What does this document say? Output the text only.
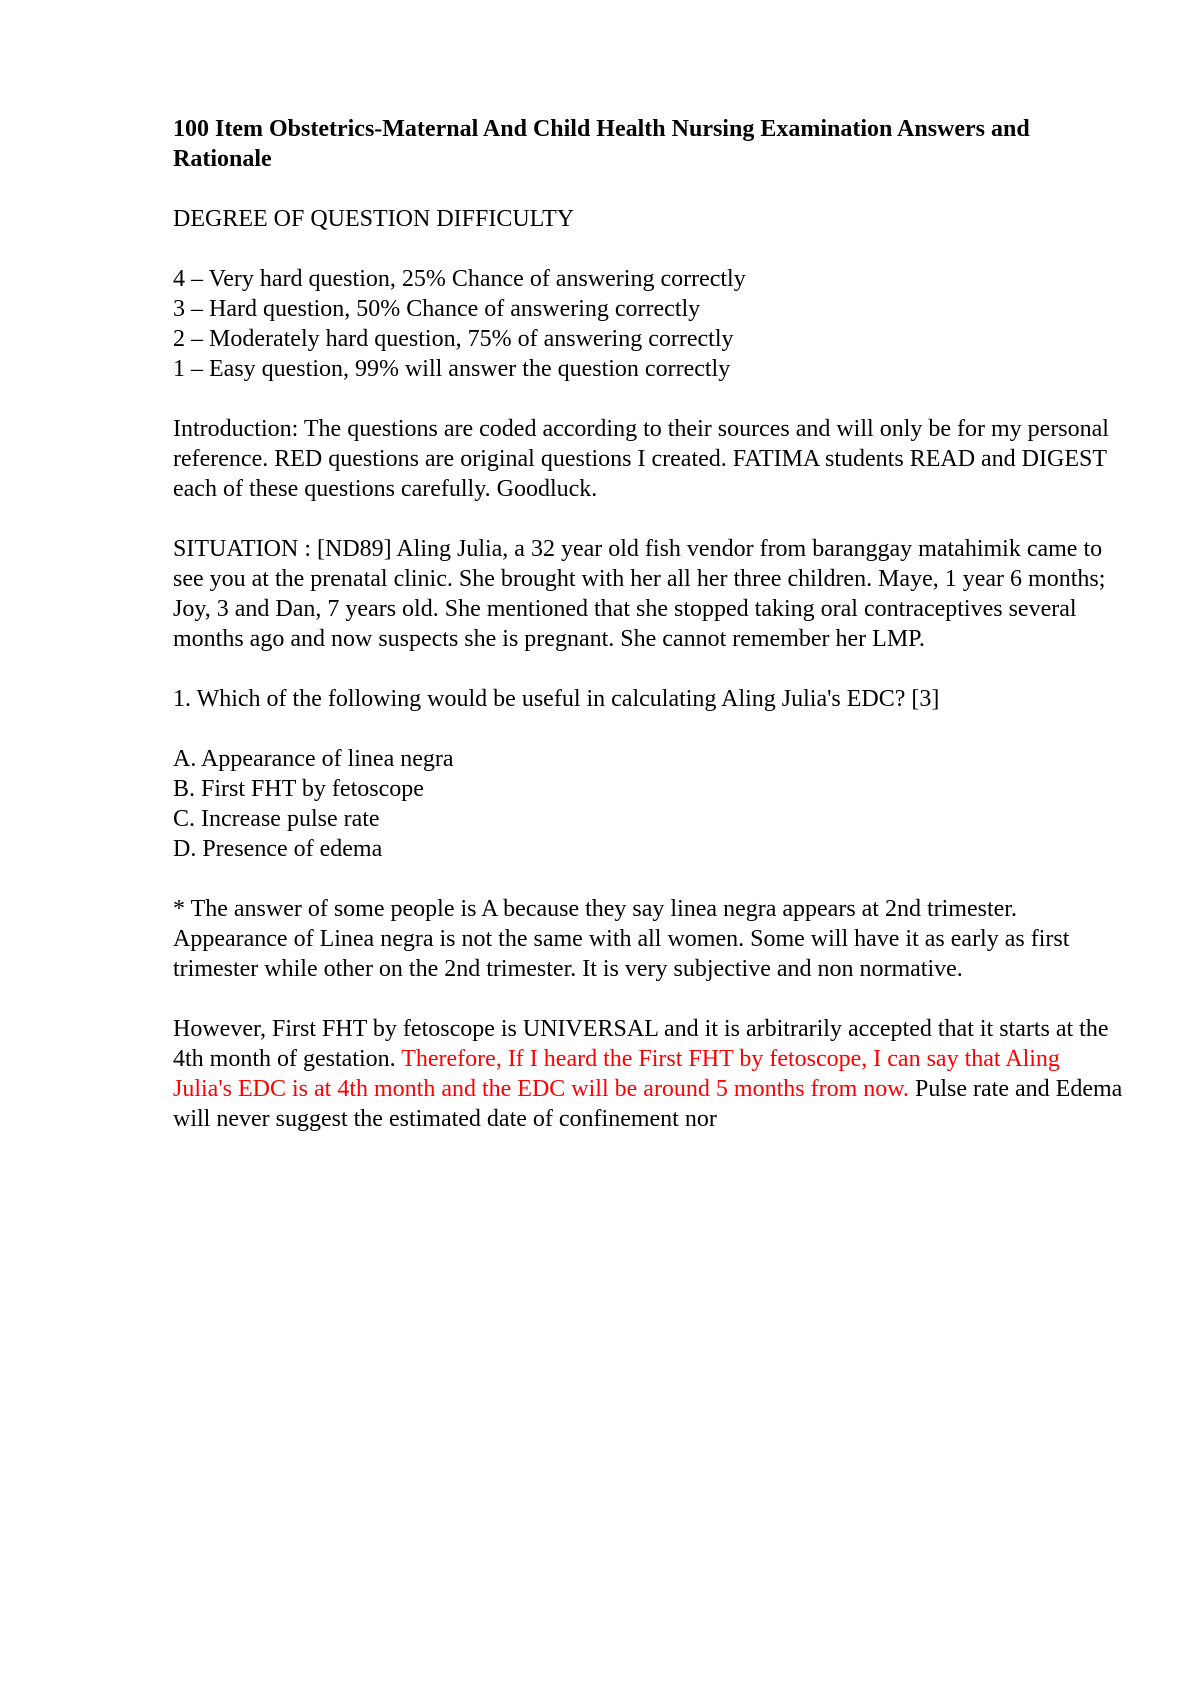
100 Item Obstetrics-Maternal And Child Health Nursing Examination Answers and Rationale

DEGREE OF QUESTION DIFFICULTY

4 – Very hard question, 25% Chance of answering correctly
3 – Hard question, 50% Chance of answering correctly
2 – Moderately hard question, 75% of answering correctly
1 – Easy question, 99% will answer the question correctly

Introduction: The questions are coded according to their sources and will only be for my personal reference. RED questions are original questions I created. FATIMA students READ and DIGEST each of these questions carefully. Goodluck.

SITUATION : [ND89] Aling Julia, a 32 year old fish vendor from baranggay matahimik came to see you at the prenatal clinic. She brought with her all her three children. Maye, 1 year 6 months; Joy, 3 and Dan, 7 years old. She mentioned that she stopped taking oral contraceptives several months ago and now suspects she is pregnant. She cannot remember her LMP.

1. Which of the following would be useful in calculating Aling Julia's EDC? [3]

A. Appearance of linea negra
B. First FHT by fetoscope
C. Increase pulse rate
D. Presence of edema

* The answer of some people is A because they say linea negra appears at 2nd trimester. Appearance of Linea negra is not the same with all women. Some will have it as early as first trimester while other on the 2nd trimester. It is very subjective and non normative.

However, First FHT by fetoscope is UNIVERSAL and it is arbitrarily accepted that it starts at the 4th month of gestation. Therefore, If I heard the First FHT by fetoscope, I can say that Aling Julia's EDC is at 4th month and the EDC will be around 5 months from now. Pulse rate and Edema will never suggest the estimated date of confinement nor
